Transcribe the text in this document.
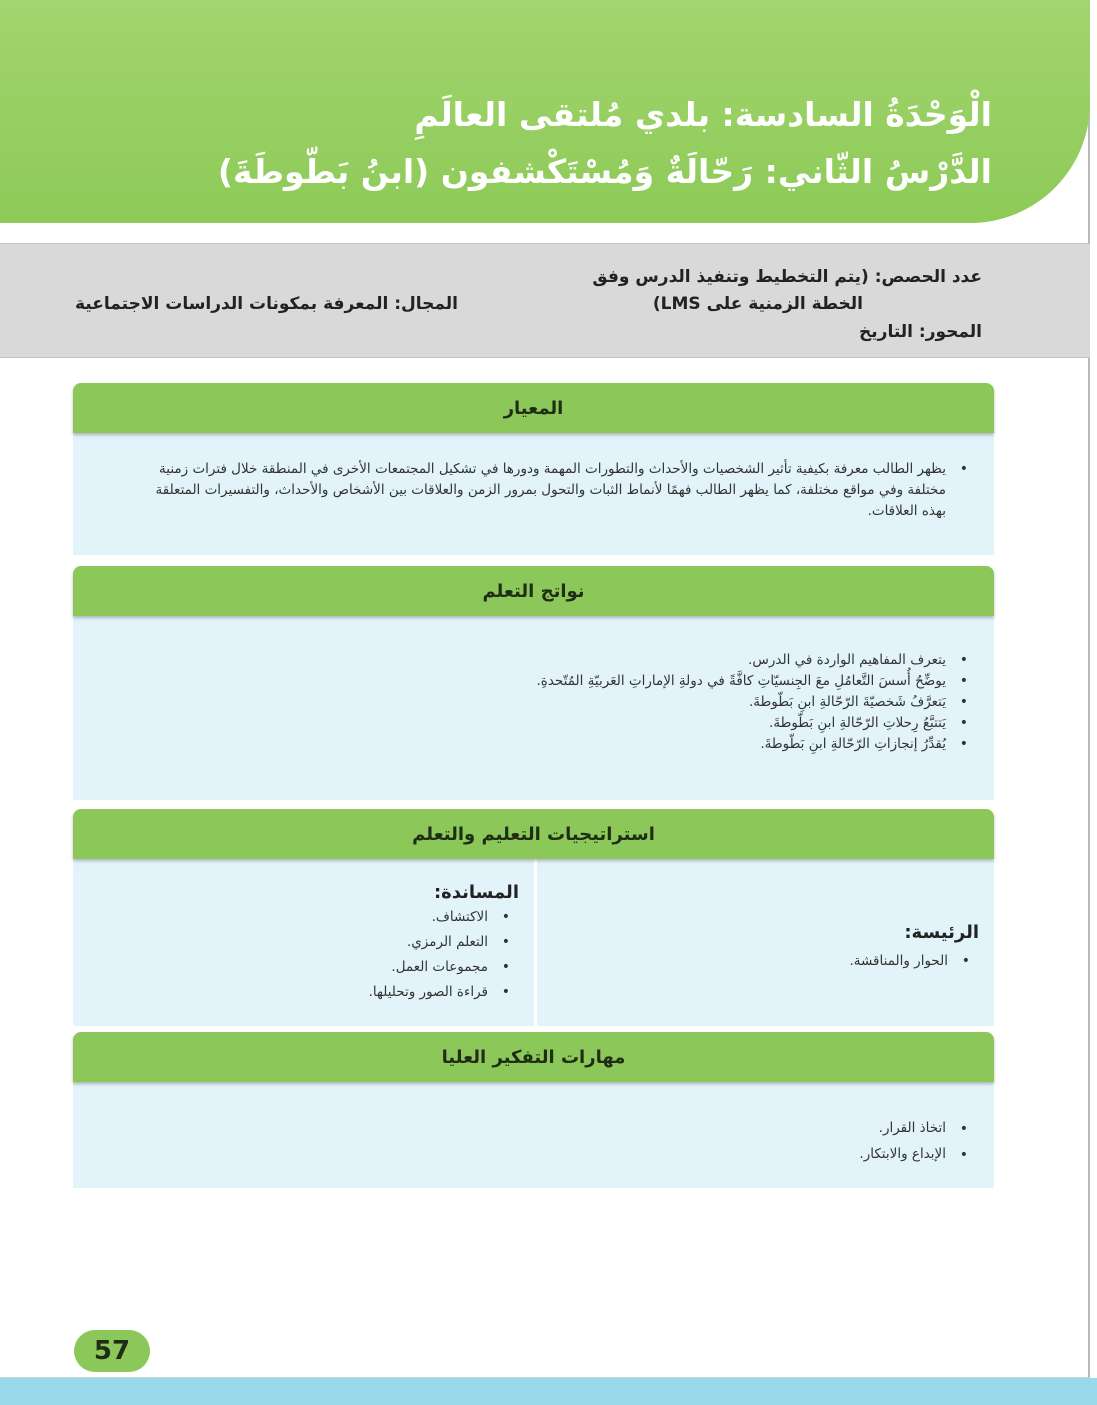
الْوَحْدَةُ السادسة: بلدي مُلتقى العالَمِ
الدَّرْسُ الثّاني: رَحّالَةٌ وَمُسْتَكْشفون (ابنُ بَطّوطَةَ)
عدد الحصص: (يتم التخطيط وتنفيذ الدرس وفق
الخطة الزمنية على LMS)
المحور: التاريخ
المجال: المعرفة بمكونات الدراسات الاجتماعية
المعيار
• يظهر الطالب معرفة بكيفية تأثير الشخصيات والأحداث والتطورات المهمة ودورها في تشكيل المجتمعات الأخرى في المنطقة خلال فترات زمنية مختلفة وفي مواقع مختلفة، كما يظهر الطالب فهمًا لأنماط الثبات والتحول بمرور الزمن والعلاقات بين الأشخاص والأحداث، والتفسيرات المتعلقة بهذه العلاقات.
نواتج التعلم
• يتعرف المفاهيم الواردة في الدرس.
• يوضِّحُ أُسسَ التَّعامُلِ معَ الجِنسيّاتِ كافَّةً في دولةِ الإماراتِ العَربيّةِ المُتّحدةِ.
• يَتعرَّفُ شَخصيّةَ الرّحّالةِ ابنِ بَطّوطةَ.
• يَتتبَّعُ رِحلاتِ الرّحّالةِ ابنِ بَطّوطةَ.
• يُقدِّرُ إنجازاتِ الرّحّالةِ ابنِ بَطّوطةَ.
استراتيجيات التعليم والتعلم
الرئيسة:
• الحوار والمناقشة.
المساندة:
• الاكتشاف.
• التعلم الرمزي.
• مجموعات العمل.
• قراءة الصور وتحليلها.
مهارات التفكير العليا
• اتخاذ القرار.
• الإبداع والابتكار.
57
